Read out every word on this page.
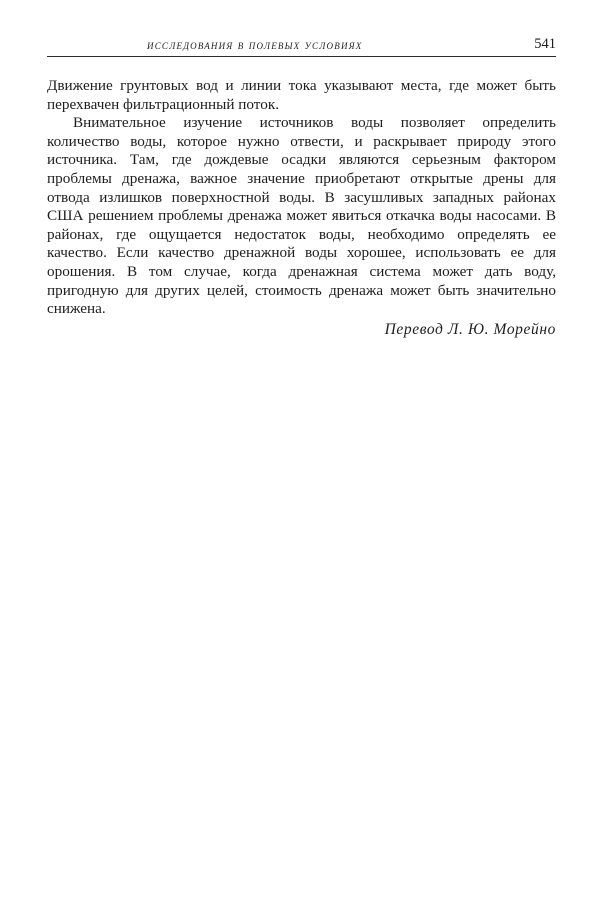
исследования в полевых условиях	541

Движение грунтовых вод и линии тока указывают места, где может быть перехвачен фильтрационный поток.

Внимательное изучение источников воды позволяет определить количество воды, которое нужно отвести, и раскрывает природу этого источника. Там, где дождевые осадки являются серьезным фактором проблемы дренажа, важное значение приобретают открытые дрены для отвода излишков поверхностной воды. В засушливых западных районах США решением проблемы дренажа может явиться откачка воды насосами. В районах, где ощущается недостаток воды, необходимо определять ее качество. Если качество дренажной воды хорошее, использовать ее для орошения. В том случае, когда дренажная система может дать воду, пригодную для других целей, стоимость дренажа может быть значительно снижена.

Перевод Л. Ю. Морейно
